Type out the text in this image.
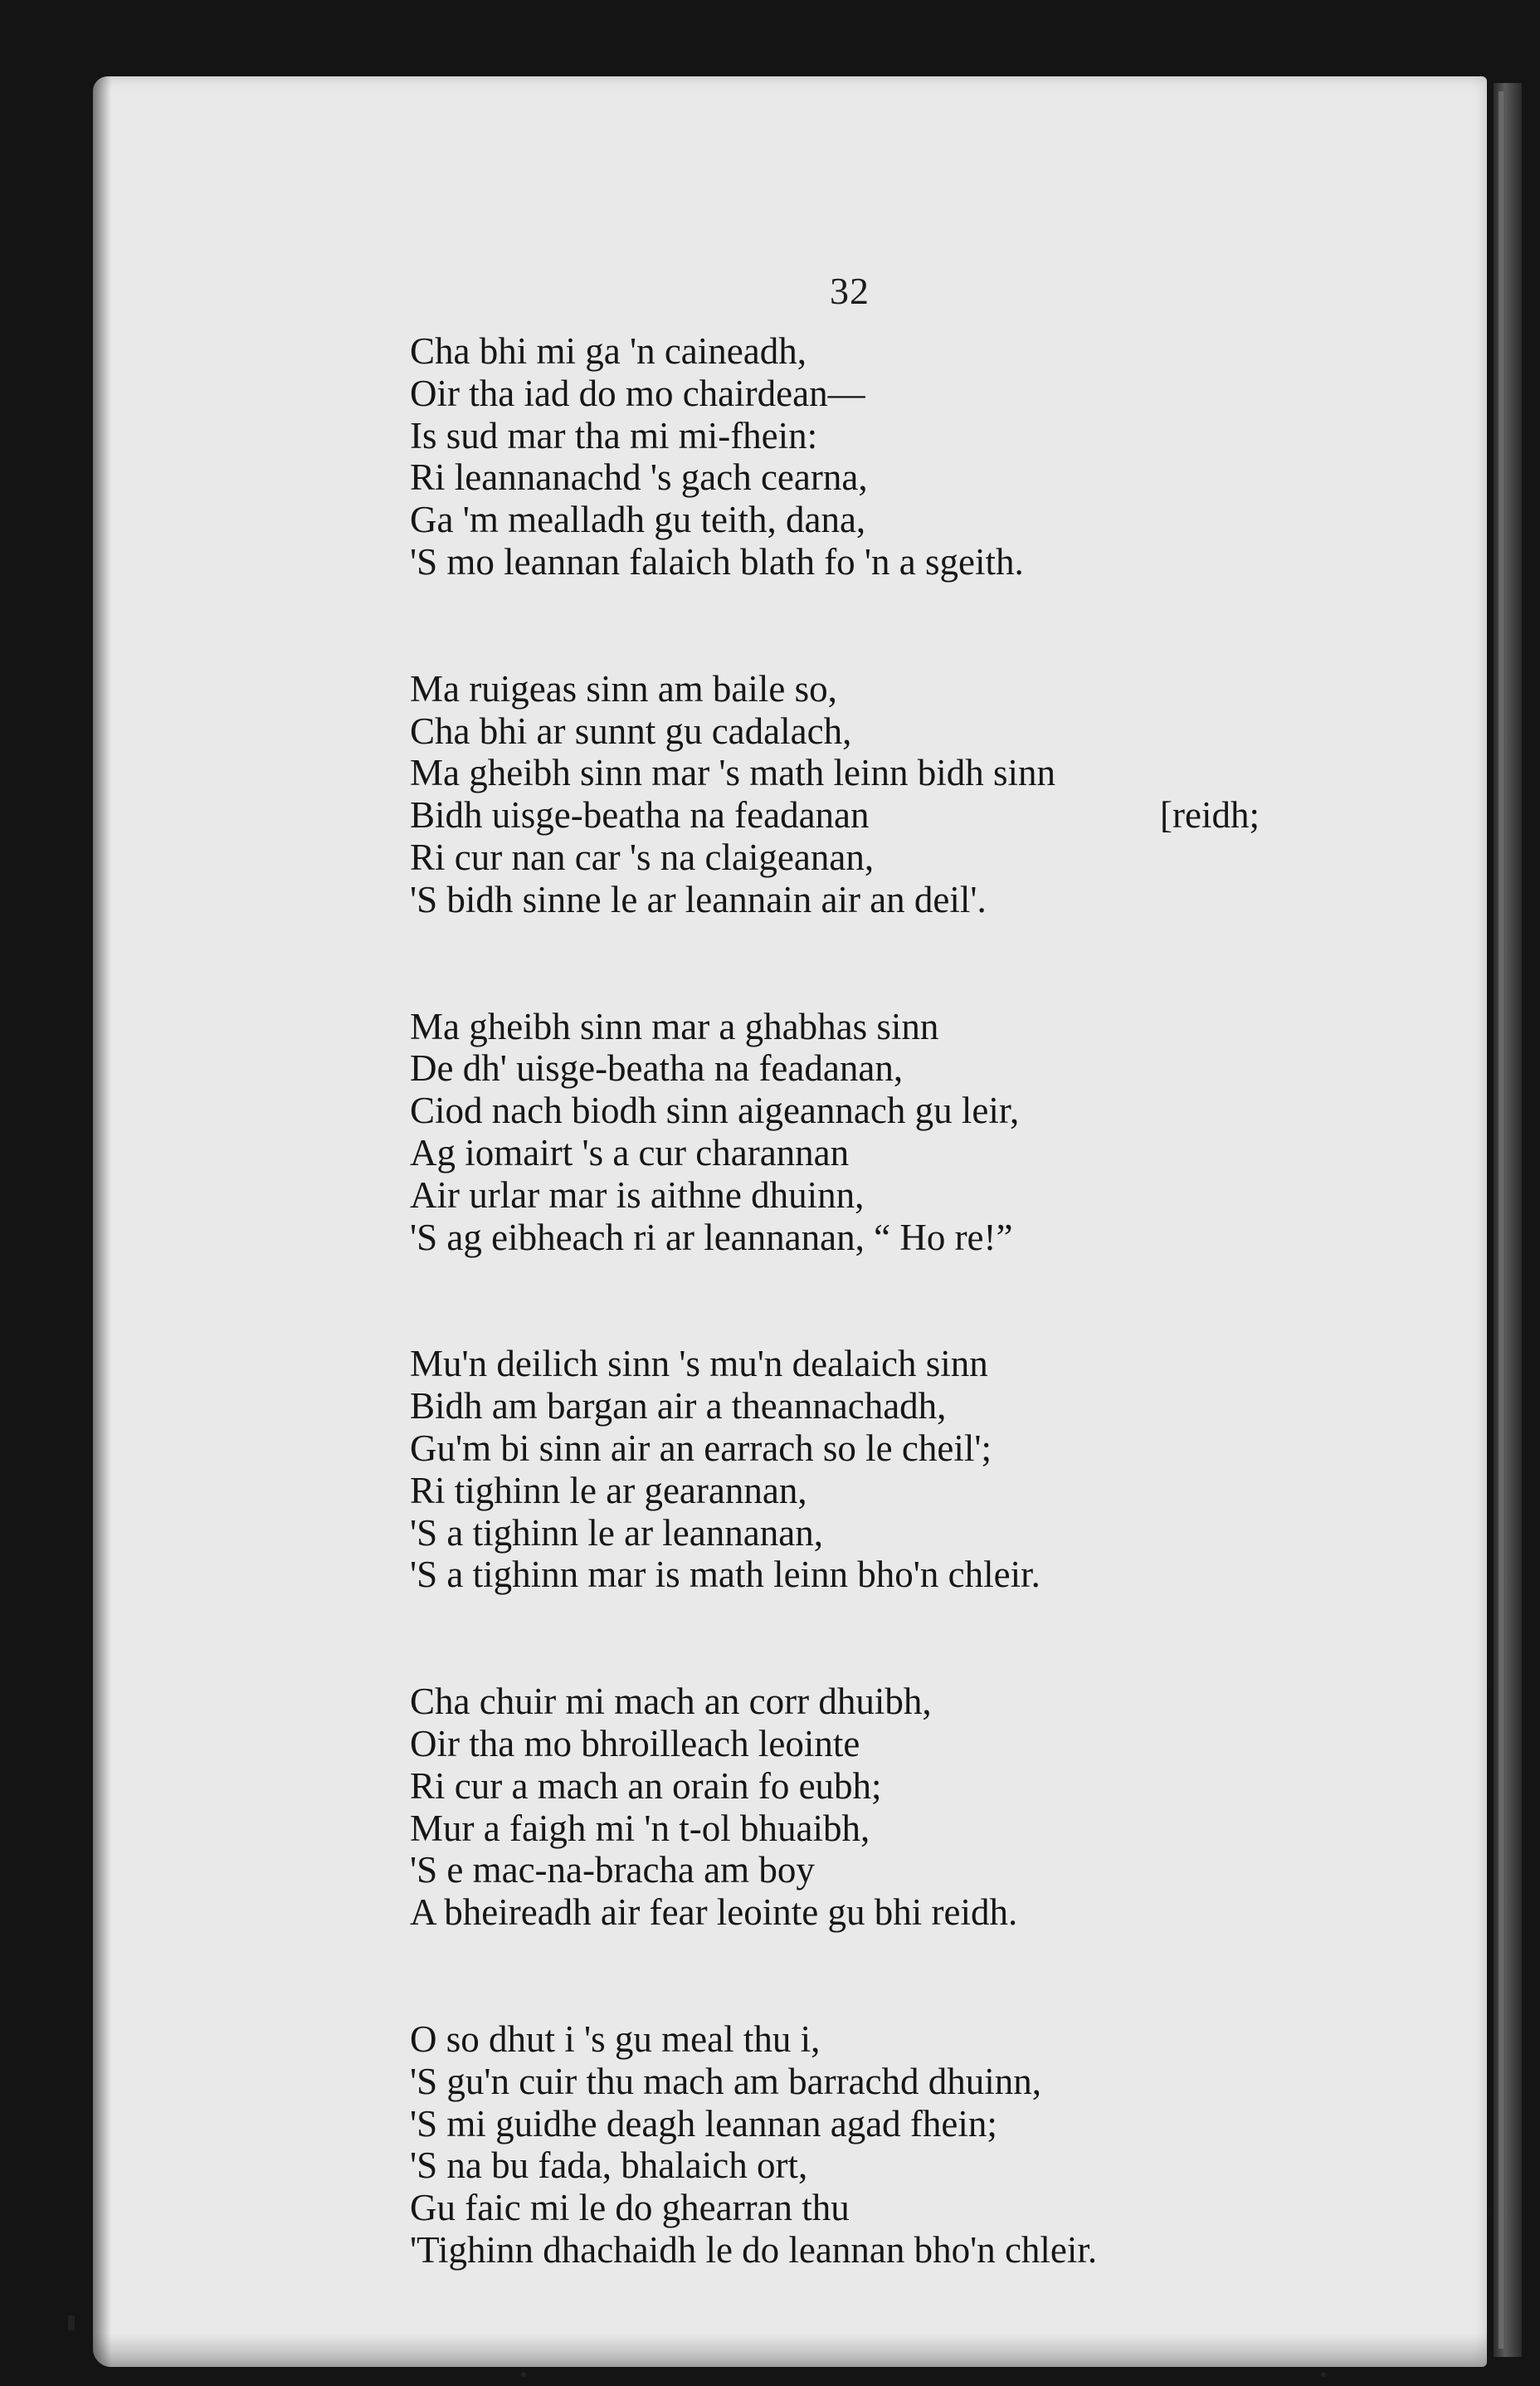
32
Cha bhi mi ga 'n caineadh,
Oir tha iad do mo chairdean—
Is sud mar tha mi mi-fhein:
Ri leannanachd 's gach cearna,
Ga 'm mealladh gu teith, dana,
'S mo leannan falaich blath fo 'n a sgeith.
Ma ruigeas sinn am baile so,
Cha bhi ar sunnt gu cadalach,
Ma gheibh sinn mar 's math leinn bidh sinn
Bidh uisge-beatha na feadanan	[reidh;
Ri cur nan car 's na claigeanan,
'S bidh sinne le ar leannain air an deil'.
Ma gheibh sinn mar a ghabhas sinn
De dh' uisge-beatha na feadanan,
Ciod nach biodh sinn aigeannach gu leir,
Ag iomairt 's a cur charannan
Air urlar mar is aithne dhuinn,
'S ag eibheach ri ar leannanan, “ Ho re!”
Mu'n deilich sinn 's mu'n dealaich sinn
Bidh am bargan air a theannachadh,
Gu'm bi sinn air an earrach so le cheil';
Ri tighinn le ar gearannan,
'S a tighinn le ar leannanan,
'S a tighinn mar is math leinn bho'n chleir.
Cha chuir mi mach an corr dhuibh,
Oir tha mo bhroilleach leointe
Ri cur a mach an orain fo eubh;
Mur a faigh mi 'n t-ol bhuaibh,
'S e mac-na-bracha am boy
A bheireadh air fear leointe gu bhi reidh.
O so dhut i 's gu meal thu i,
'S gu'n cuir thu mach am barrachd dhuinn,
'S mi guidhe deagh leannan agad fhein;
'S na bu fada, bhalaich ort,
Gu faic mi le do ghearran thu
'Tighinn dhachaidh le do leannan bho'n chleir.
